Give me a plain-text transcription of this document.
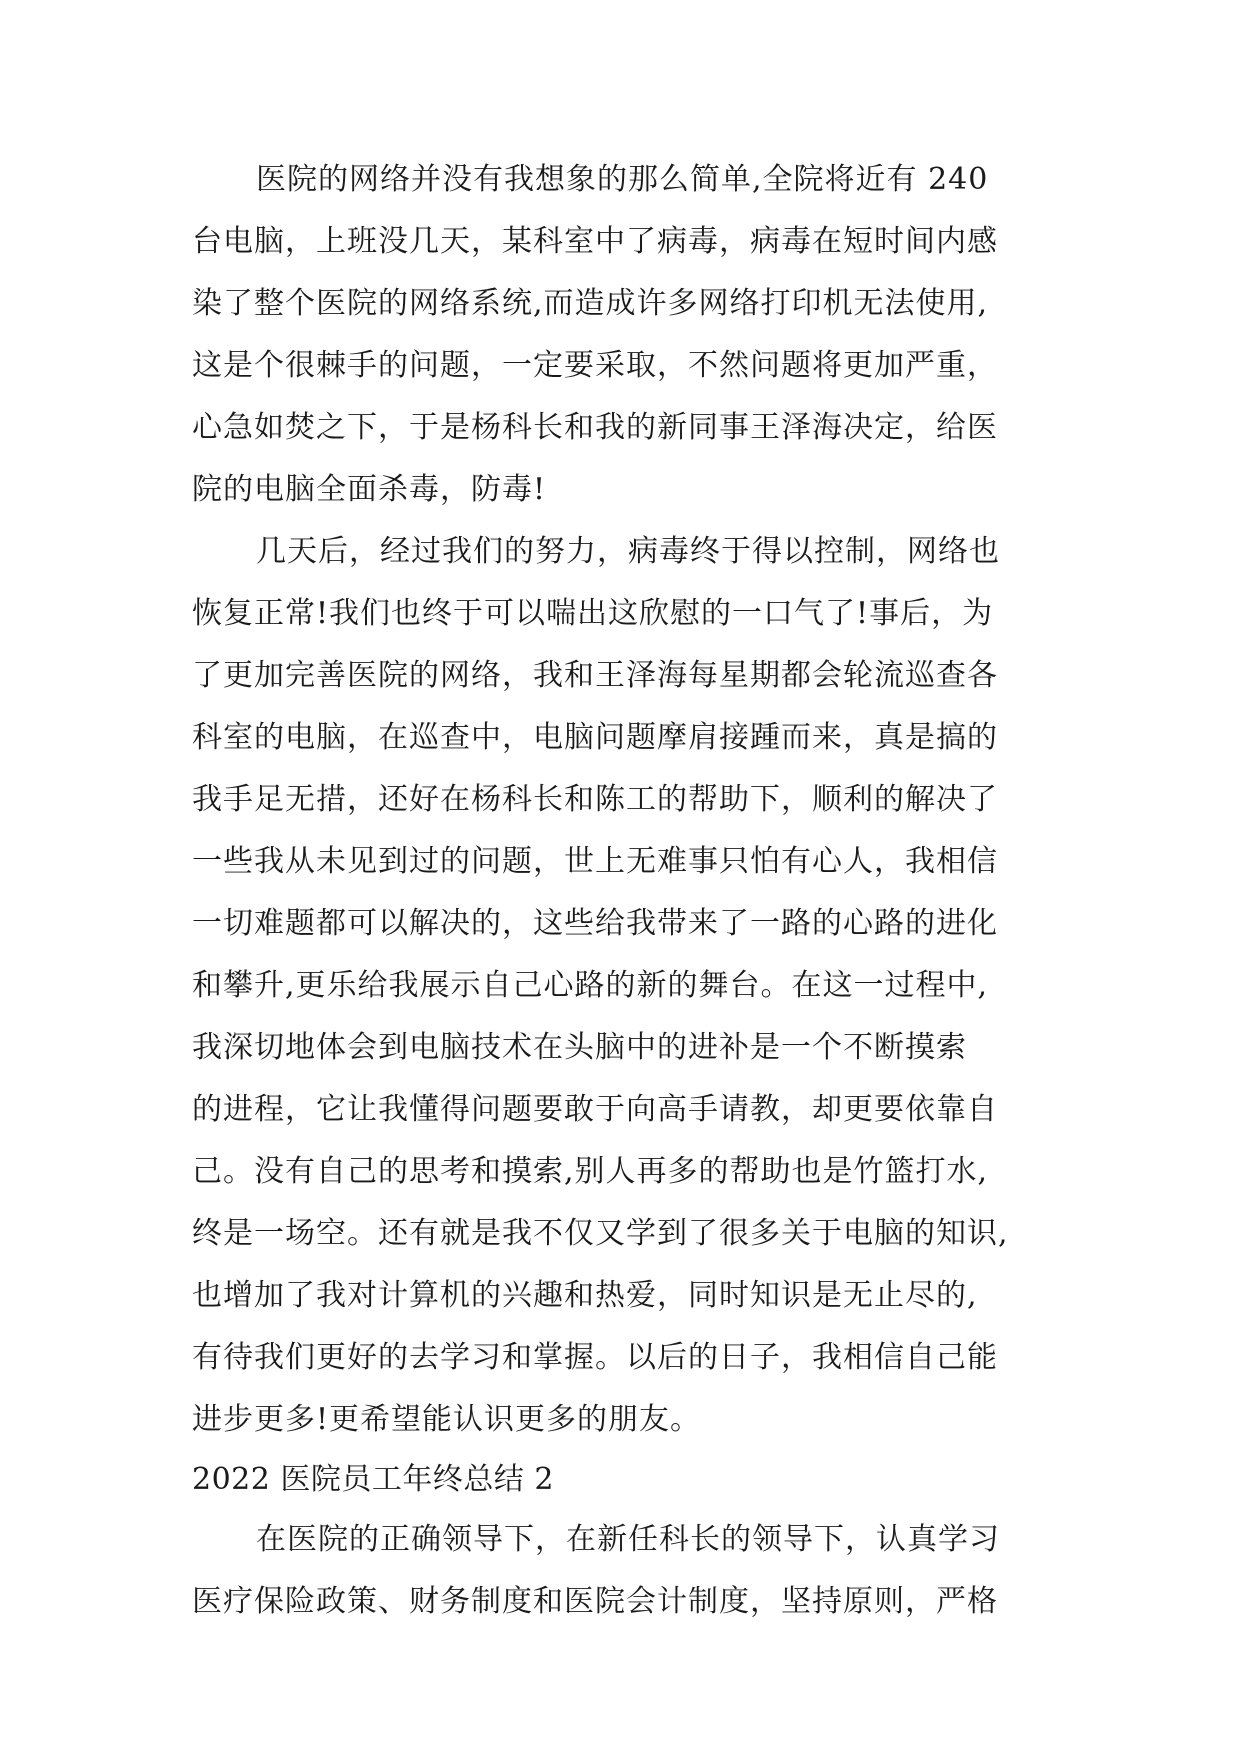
医院的网络并没有我想象的那么简单,全院将近有 240
台电脑，上班没几天，某科室中了病毒，病毒在短时间内感
染了整个医院的网络系统,而造成许多网络打印机无法使用,
这是个很棘手的问题，一定要采取，不然问题将更加严重，
心急如焚之下，于是杨科长和我的新同事王泽海决定，给医
院的电脑全面杀毒，防毒!
几天后，经过我们的努力，病毒终于得以控制，网络也
恢复正常!我们也终于可以喘出这欣慰的一口气了!事后，为
了更加完善医院的网络，我和王泽海每星期都会轮流巡查各
科室的电脑，在巡查中，电脑问题摩肩接踵而来，真是搞的
我手足无措，还好在杨科长和陈工的帮助下，顺利的解决了
一些我从未见到过的问题，世上无难事只怕有心人，我相信
一切难题都可以解决的，这些给我带来了一路的心路的进化
和攀升,更乐给我展示自己心路的新的舞台。在这一过程中,
我深切地体会到电脑技术在头脑中的进补是一个不断摸索
的进程，它让我懂得问题要敢于向高手请教，却更要依靠自
己。没有自己的思考和摸索,别人再多的帮助也是竹篮打水,
终是一场空。还有就是我不仅又学到了很多关于电脑的知识,
也增加了我对计算机的兴趣和热爱，同时知识是无止尽的,
有待我们更好的去学习和掌握。以后的日子，我相信自己能
进步更多!更希望能认识更多的朋友。
2022 医院员工年终总结 2
在医院的正确领导下，在新任科长的领导下，认真学习
医疗保险政策、财务制度和医院会计制度，坚持原则，严格
